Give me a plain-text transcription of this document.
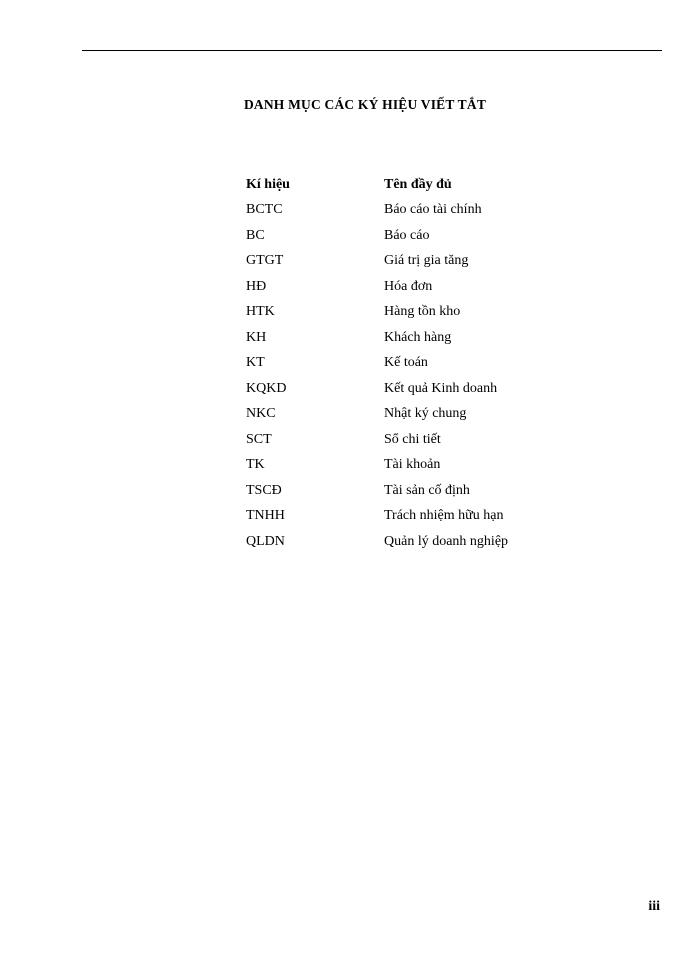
DANH MỤC CÁC KÝ HIỆU VIẾT TẮT
Kí hiệu	Tên đầy đủ
BCTC	Báo cáo tài chính
BC	Báo cáo
GTGT	Giá trị gia tăng
HĐ	Hóa đơn
HTK	Hàng tồn kho
KH	Khách hàng
KT	Kế toán
KQKD	Kết quả Kinh doanh
NKC	Nhật ký chung
SCT	Sổ chi tiết
TK	Tài khoản
TSCĐ	Tài sản cố định
TNHH	Trách nhiệm hữu hạn
QLDN	Quản lý doanh nghiệp
iii
